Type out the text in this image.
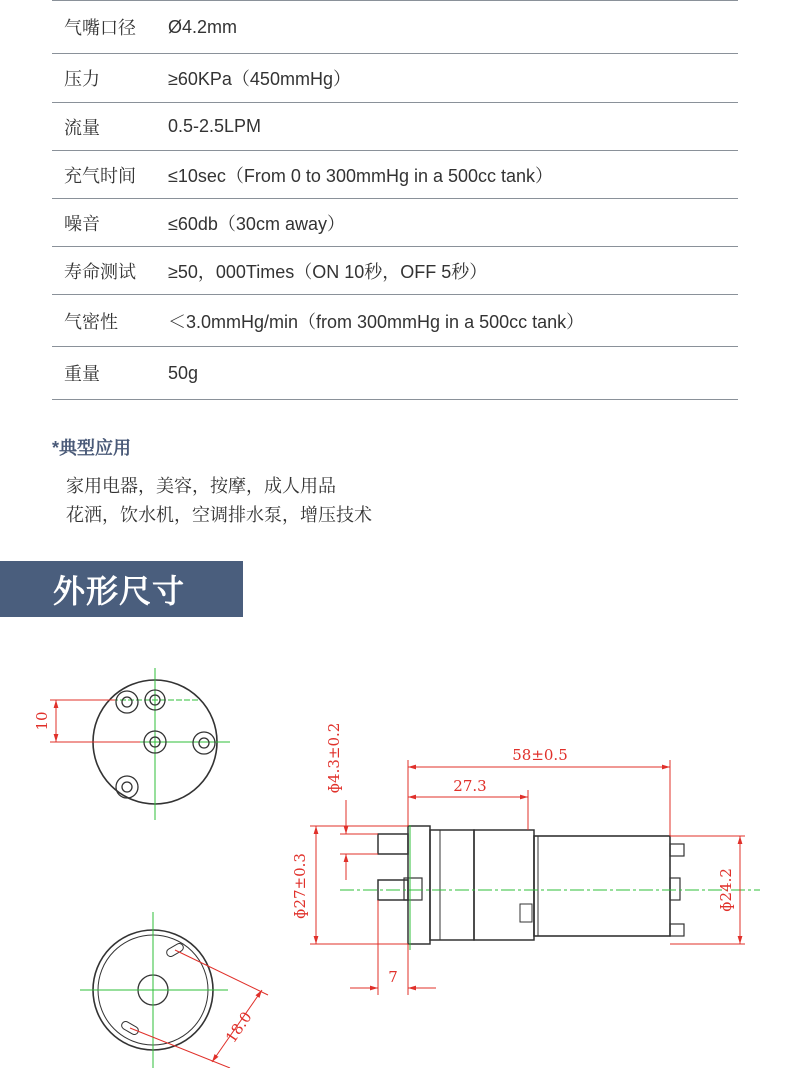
气嘴口径	Ø4.2mm
压力	≥60KPa（450mmHg）
流量	0.5-2.5LPM
充气时间	≤10sec（From 0 to 300mmHg in a 500cc tank）
噪音	≤60db（30cm away）
寿命测试	≥50，000Times（ON 10秒，OFF 5秒）
气密性	＜3.0mmHg/min（from 300mmHg in a 500cc tank）
重量	50g
*典型应用
家用电器，美容，按摩，成人用品
花洒，饮水机，空调排水泵，增压技术
外形尺寸
10
18.0
58±0.5
27.3
ɸ4.3±0.2
ɸ27±0.3	ɸ24.2
7
